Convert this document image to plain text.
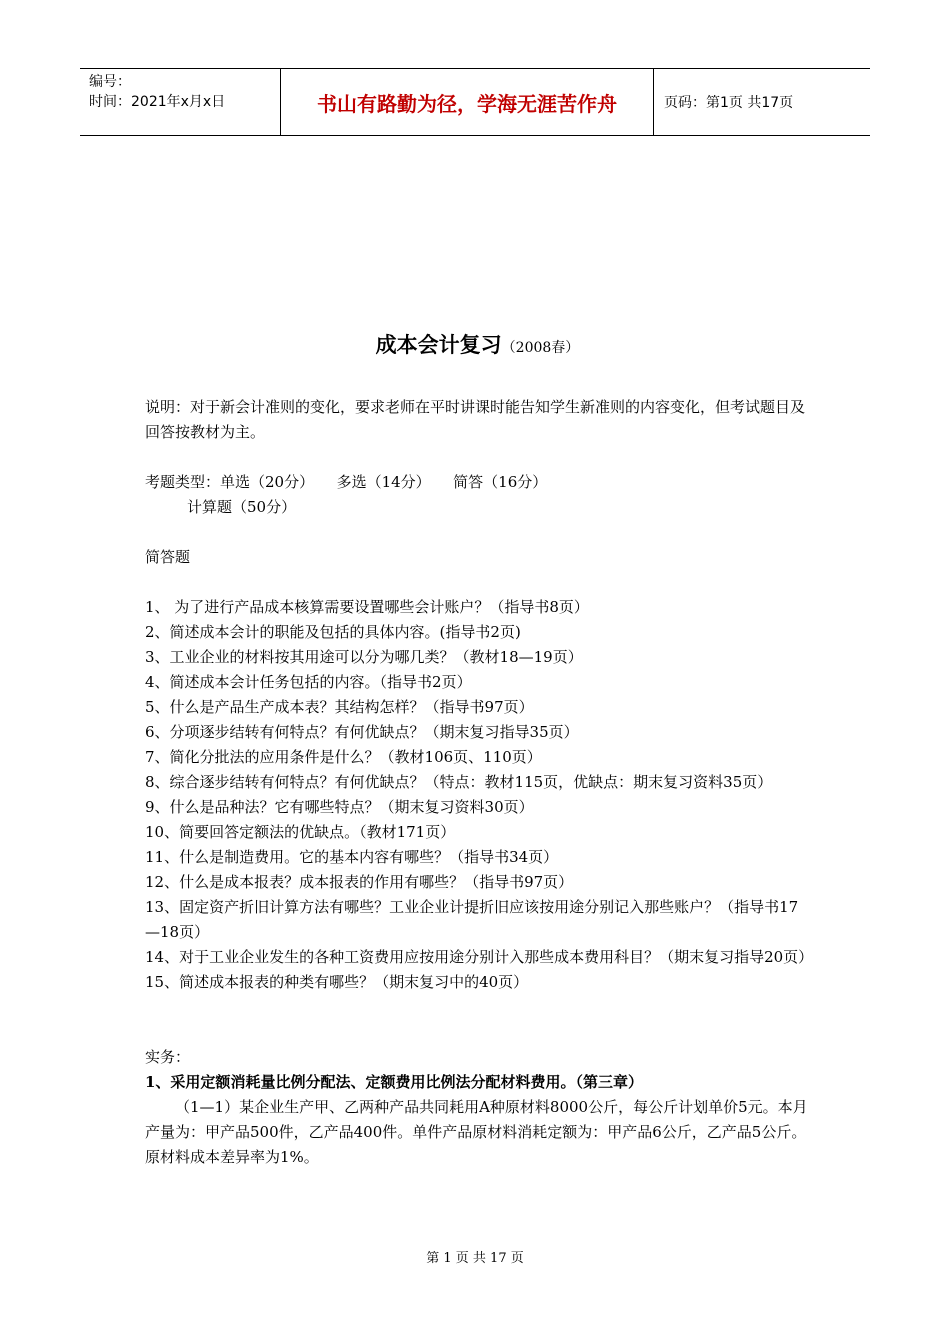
编号：
时间：2021年x月x日	书山有路勤为径，学海无涯苦作舟	页码：第1页 共17页
成本会计复习（2008春）

说明：对于新会计准则的变化，要求老师在平时讲课时能告知学生新准则的内容变化，但考试题目及回答按教材为主。

考题类型：单选（20分）　　多选（14分）　　简答（16分）

计算题（50分）

简答题

1、 为了进行产品成本核算需要设置哪些会计账户？（指导书8页）

2、简述成本会计的职能及包括的具体内容。(指导书2页)

3、工业企业的材料按其用途可以分为哪几类？（教材18—19页）

4、简述成本会计任务包括的内容。（指导书2页）

5、什么是产品生产成本表？其结构怎样？（指导书97页）

6、分项逐步结转有何特点？有何优缺点？（期末复习指导35页）

7、简化分批法的应用条件是什么？（教材106页、110页）

8、综合逐步结转有何特点？有何优缺点？（特点：教材115页，优缺点：期末复习资料35页）

9、什么是品种法？它有哪些特点？（期末复习资料30页）

10、简要回答定额法的优缺点。（教材171页）

11、什么是制造费用。它的基本内容有哪些？（指导书34页）

12、什么是成本报表？成本报表的作用有哪些？（指导书97页）

13、固定资产折旧计算方法有哪些？工业企业计提折旧应该按用途分别记入那些账户？（指导书17—18页）

14、对于工业企业发生的各种工资费用应按用途分别计入那些成本费用科目？（期末复习指导20页）

15、简述成本报表的种类有哪些？（期末复习中的40页）

实务：

1、采用定额消耗量比例分配法、定额费用比例法分配材料费用。（第三章）

（1—1）某企业生产甲、乙两种产品共同耗用A种原材料8000公斤，每公斤计划单价5元。本月产量为：甲产品500件，乙产品400件。单件产品原材料消耗定额为：甲产品6公斤，乙产品5公斤。原材料成本差异率为1%。

第 1 页 共 17 页
